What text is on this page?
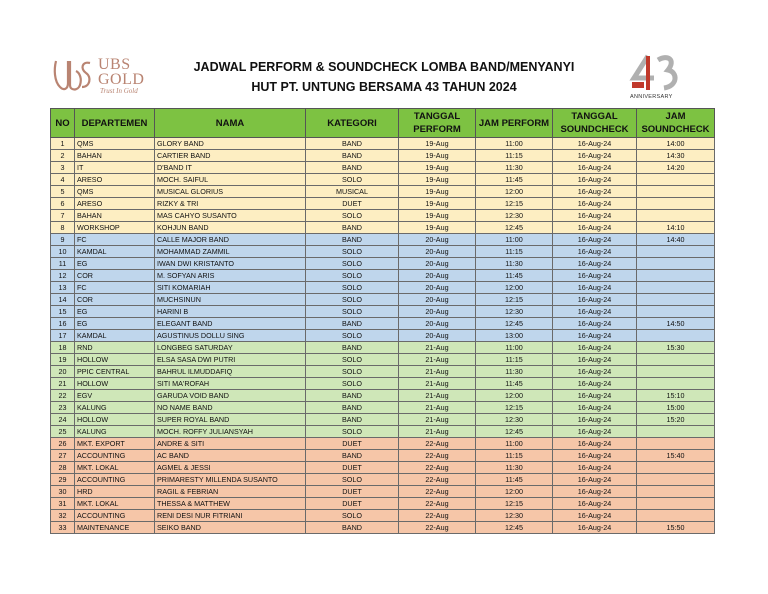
UBS
GOLD
Trust In Gold
JADWAL PERFORM & SOUNDCHECK LOMBA BAND/MENYANYI
HUT PT. UNTUNG BERSAMA 43 TAHUN 2024
ANNIVERSARY
NO	DEPARTEMEN	NAMA	KATEGORI	TANGGAL PERFORM	JAM PERFORM	TANGGAL SOUNDCHECK	JAM SOUNDCHECK
1	QMS	GLORY BAND	BAND	19-Aug	11:00	16-Aug-24	14:00
2	BAHAN	CARTIER BAND	BAND	19-Aug	11:15	16-Aug-24	14:30
3	IT	D'BAND IT	BAND	19-Aug	11:30	16-Aug-24	14:20
4	ARESO	MOCH. SAIFUL	SOLO	19-Aug	11:45	16-Aug-24	
5	QMS	MUSICAL GLORIUS	MUSICAL	19-Aug	12:00	16-Aug-24	
6	ARESO	RIZKY & TRI	DUET	19-Aug	12:15	16-Aug-24	
7	BAHAN	MAS CAHYO SUSANTO	SOLO	19-Aug	12:30	16-Aug-24	
8	WORKSHOP	KOHJUN BAND	BAND	19-Aug	12:45	16-Aug-24	14:10
9	FC	CALLE MAJOR BAND	BAND	20-Aug	11:00	16-Aug-24	14:40
10	KAMDAL	MOHAMMAD ZAMMIL	SOLO	20-Aug	11:15	16-Aug-24	
11	EG	IWAN DWI KRISTANTO	SOLO	20-Aug	11:30	16-Aug-24	
12	COR	M. SOFYAN ARIS	SOLO	20-Aug	11:45	16-Aug-24	
13	FC	SITI KOMARIAH	SOLO	20-Aug	12:00	16-Aug-24	
14	COR	MUCHSINUN	SOLO	20-Aug	12:15	16-Aug-24	
15	EG	HARINI B	SOLO	20-Aug	12:30	16-Aug-24	
16	EG	ELEGANT BAND	BAND	20-Aug	12:45	16-Aug-24	14:50
17	KAMDAL	AGUSTINUS DOLLU SING	SOLO	20-Aug	13:00	16-Aug-24	
18	RND	LONGBEG SATURDAY	BAND	21-Aug	11:00	16-Aug-24	15:30
19	HOLLOW	ELSA SASA DWI PUTRI	SOLO	21-Aug	11:15	16-Aug-24	
20	PPIC CENTRAL	BAHRUL ILMUDDAFIQ	SOLO	21-Aug	11:30	16-Aug-24	
21	HOLLOW	SITI MA'ROFAH	SOLO	21-Aug	11:45	16-Aug-24	
22	EGV	GARUDA VOID BAND	BAND	21-Aug	12:00	16-Aug-24	15:10
23	KALUNG	NO NAME BAND	BAND	21-Aug	12:15	16-Aug-24	15:00
24	HOLLOW	SUPER ROYAL BAND	BAND	21-Aug	12:30	16-Aug-24	15:20
25	KALUNG	MOCH. ROFFY JULIANSYAH	SOLO	21-Aug	12:45	16-Aug-24	
26	MKT. EXPORT	ANDRE & SITI	DUET	22-Aug	11:00	16-Aug-24	
27	ACCOUNTING	AC BAND	BAND	22-Aug	11:15	16-Aug-24	15:40
28	MKT. LOKAL	AGMEL & JESSI	DUET	22-Aug	11:30	16-Aug-24	
29	ACCOUNTING	PRIMARESTY MILLENDA SUSANTO	SOLO	22-Aug	11:45	16-Aug-24	
30	HRD	RAGIL & FEBRIAN	DUET	22-Aug	12:00	16-Aug-24	
31	MKT. LOKAL	THESSA & MATTHEW	DUET	22-Aug	12:15	16-Aug-24	
32	ACCOUNTING	RENI DESI NUR FITRIANI	SOLO	22-Aug	12:30	16-Aug-24	
33	MAINTENANCE	SEIKO BAND	BAND	22-Aug	12:45	16-Aug-24	15:50
